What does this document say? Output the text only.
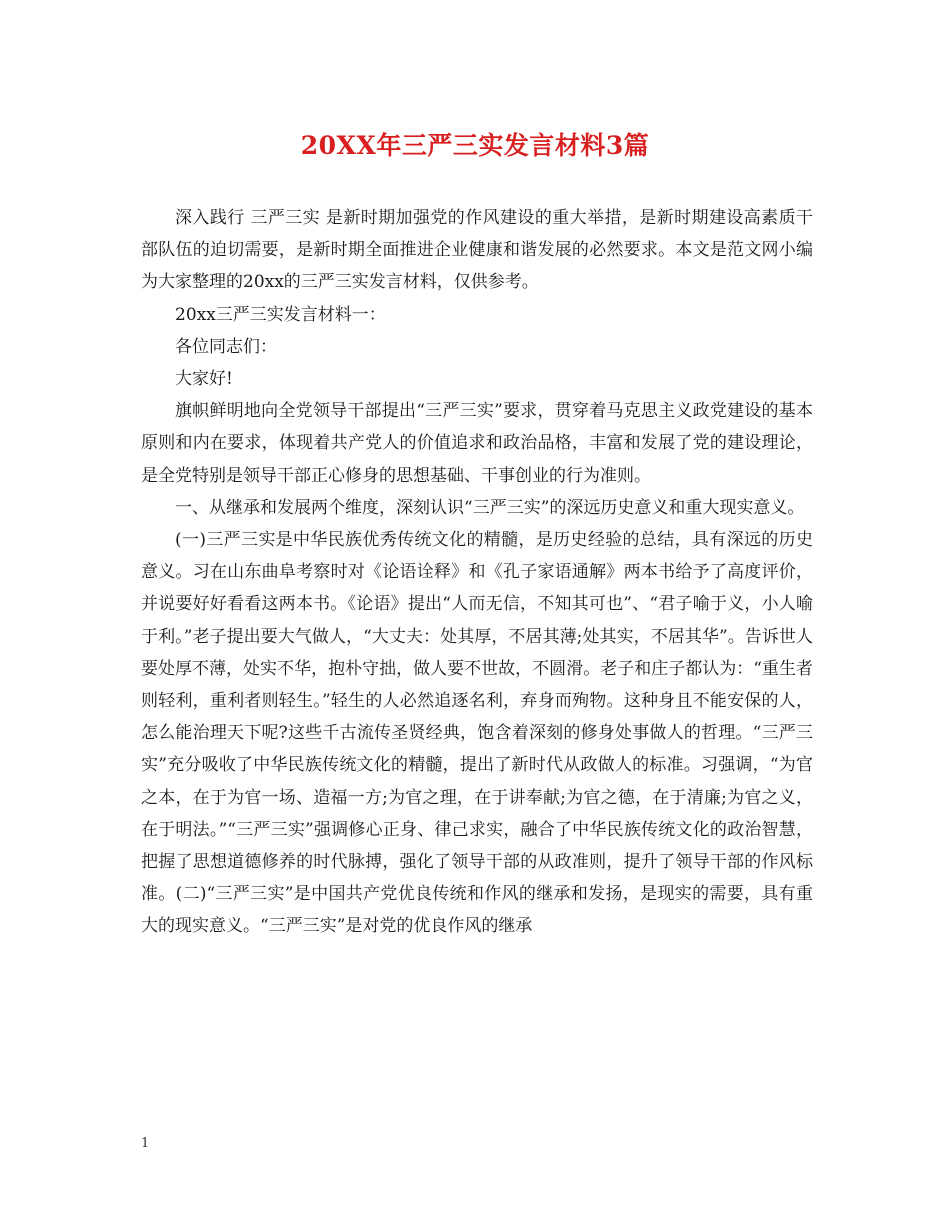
20XX年三严三实发言材料3篇

深入践行 三严三实 是新时期加强党的作风建设的重大举措，是新时期建设高素质干部队伍的迫切需要，是新时期全面推进企业健康和谐发展的必然要求。本文是范文网小编为大家整理的20xx的三严三实发言材料，仅供参考。

20xx三严三实发言材料一：

各位同志们：

大家好!

旗帜鲜明地向全党领导干部提出“三严三实”要求，贯穿着马克思主义政党建设的基本原则和内在要求，体现着共产党人的价值追求和政治品格，丰富和发展了党的建设理论，是全党特别是领导干部正心修身的思想基础、干事创业的行为准则。

一、从继承和发展两个维度，深刻认识“三严三实”的深远历史意义和重大现实意义。

(一)三严三实是中华民族优秀传统文化的精髓，是历史经验的总结，具有深远的历史意义。习在山东曲阜考察时对《论语诠释》和《孔子家语通解》两本书给予了高度评价，并说要好好看看这两本书。《论语》提出“人而无信，不知其可也”、“君子喻于义，小人喻于利。”老子提出要大气做人，“大丈夫：处其厚，不居其薄;处其实，不居其华”。告诉世人要处厚不薄，处实不华，抱朴守拙，做人要不世故，不圆滑。老子和庄子都认为：“重生者则轻利，重利者则轻生。”轻生的人必然追逐名利，弃身而殉物。这种身且不能安保的人，怎么能治理天下呢?这些千古流传圣贤经典，饱含着深刻的修身处事做人的哲理。“三严三实”充分吸收了中华民族传统文化的精髓，提出了新时代从政做人的标准。习强调，“为官之本，在于为官一场、造福一方;为官之理，在于讲奉献;为官之德，在于清廉;为官之义，在于明法。”“三严三实”强调修心正身、律己求实，融合了中华民族传统文化的政治智慧，把握了思想道德修养的时代脉搏，强化了领导干部的从政准则，提升了领导干部的作风标准。(二)“三严三实”是中国共产党优良传统和作风的继承和发扬，是现实的需要，具有重大的现实意义。“三严三实”是对党的优良作风的继承

1
